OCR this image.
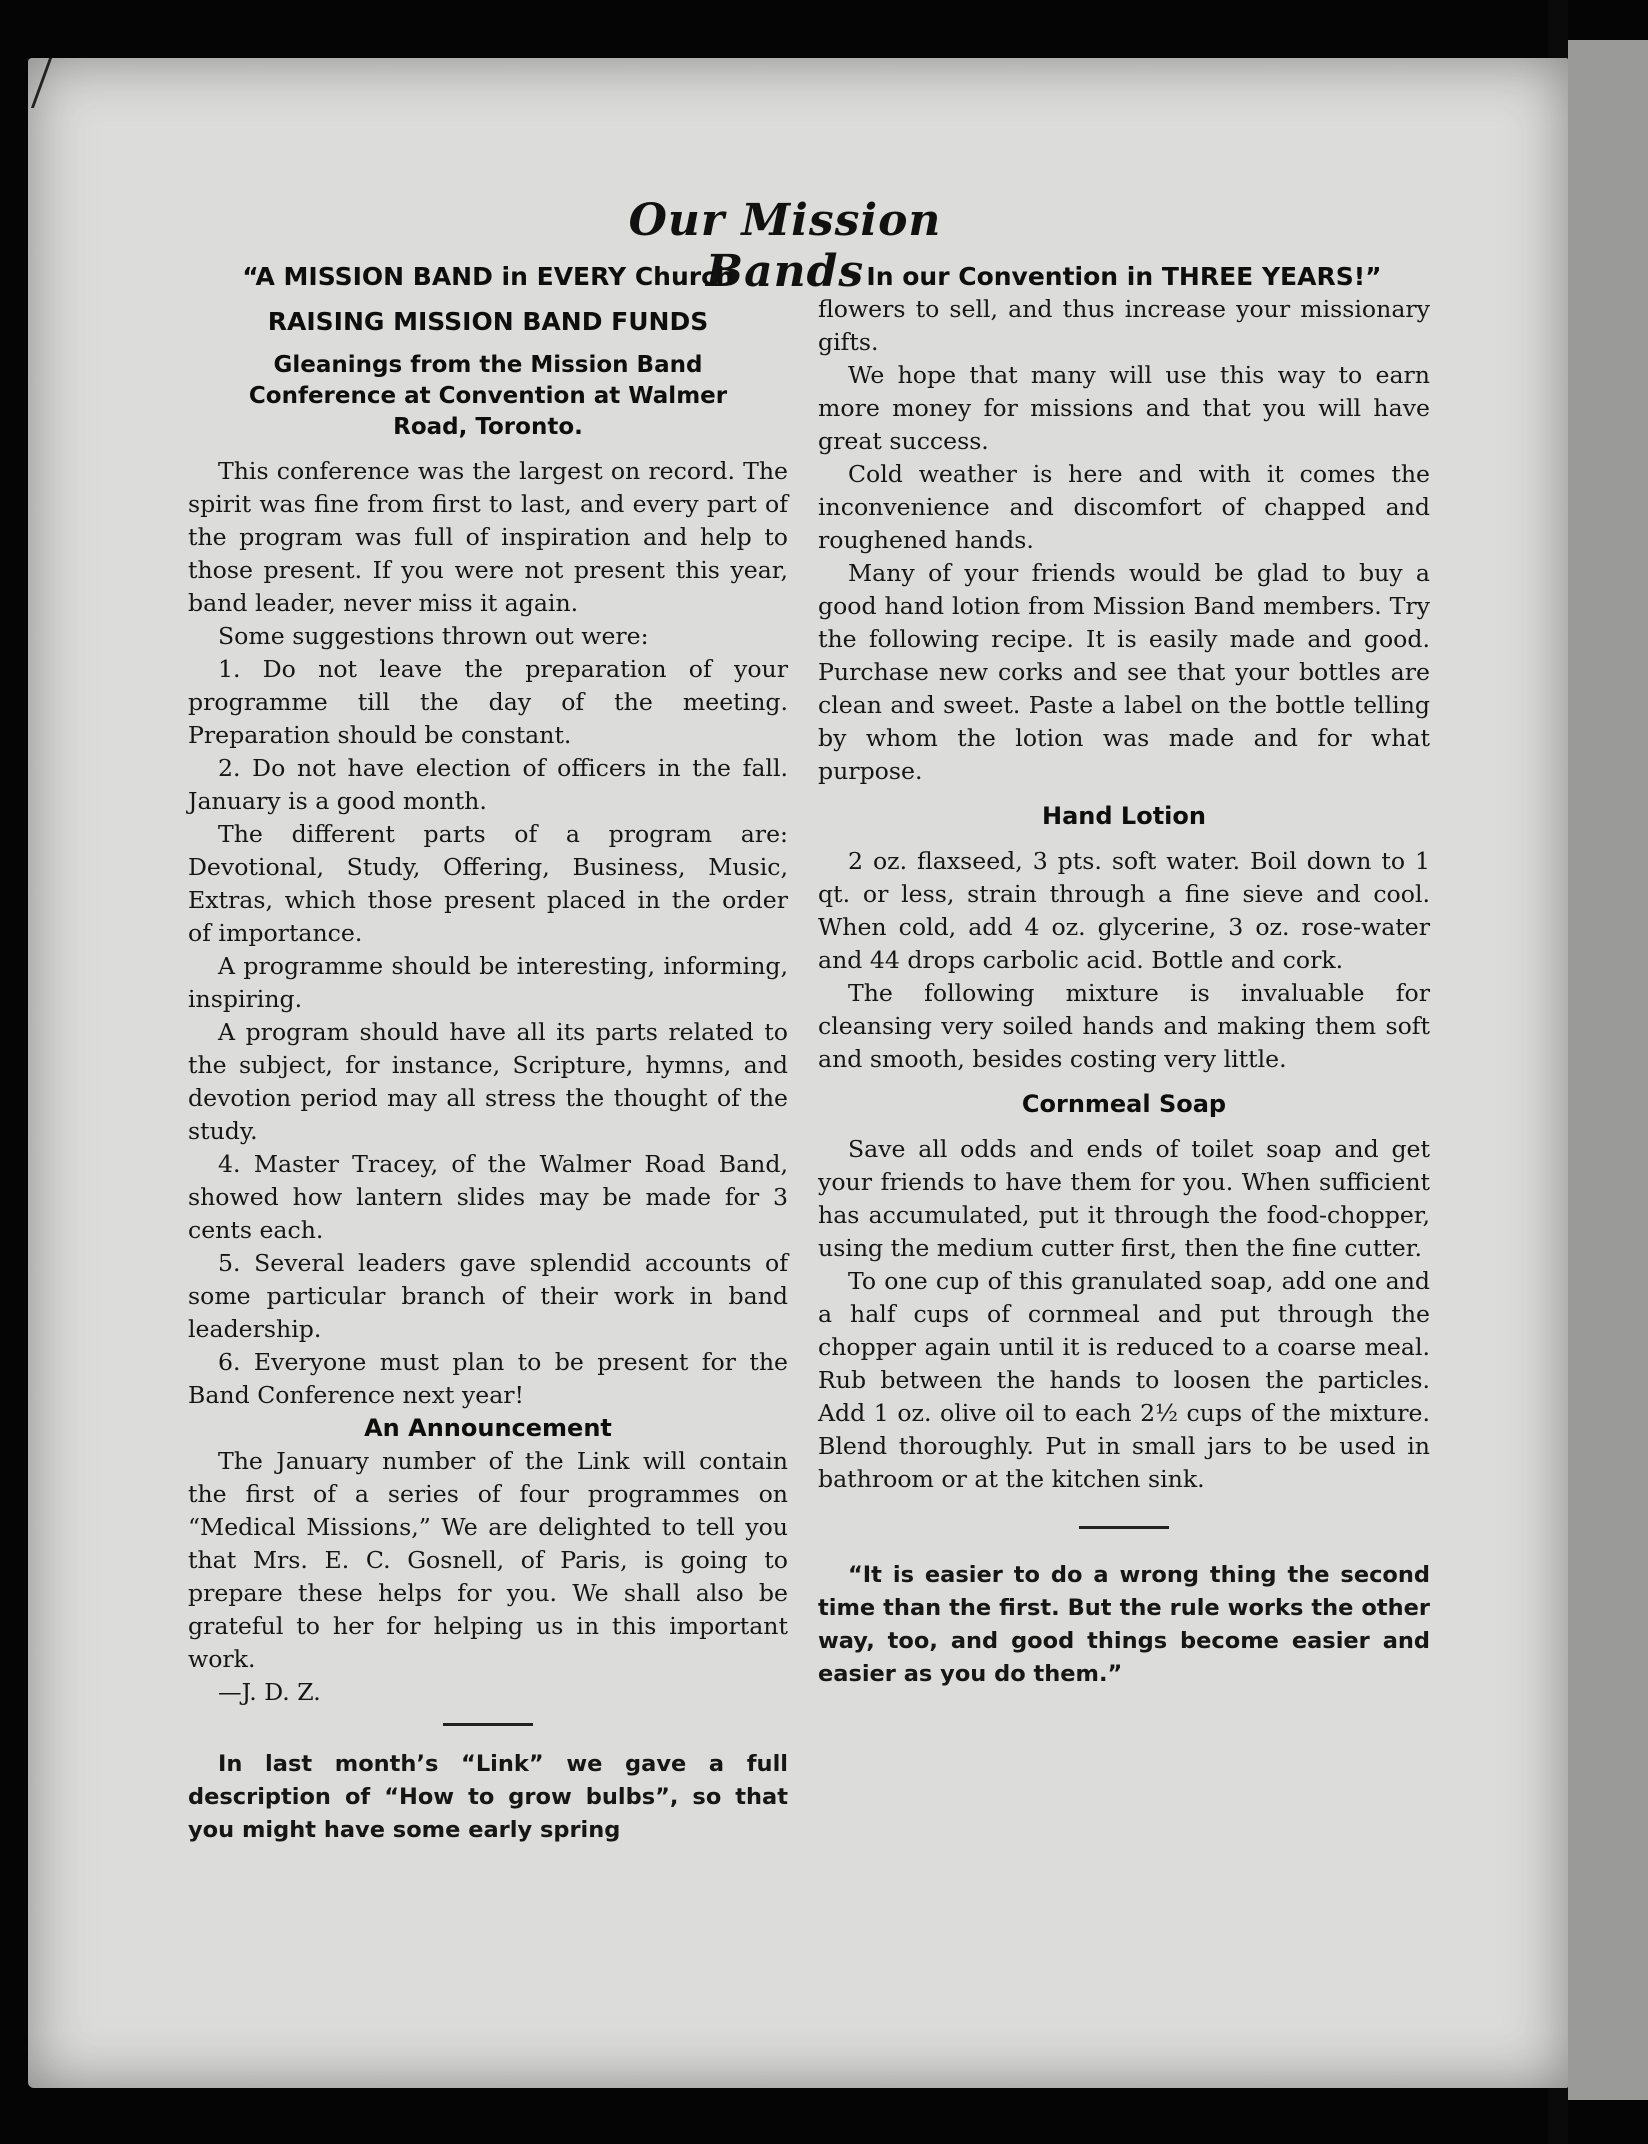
Our Mission Bands

“A MISSION BAND in EVERY Church

RAISING MISSION BAND FUNDS

Gleanings from the Mission Band Conference at Convention at Walmer Road, Toronto.

This conference was the largest on record. The spirit was fine from first to last, and every part of the program was full of inspiration and help to those present. If you were not present this year, band leader, never miss it again.

Some suggestions thrown out were:

1. Do not leave the preparation of your programme till the day of the meeting. Preparation should be constant.

2. Do not have election of officers in the fall. January is a good month.

The different parts of a program are: Devotional, Study, Offering, Business, Music, Extras, which those present placed in the order of importance.

A programme should be interesting, informing, inspiring.

A program should have all its parts related to the subject, for instance, Scripture, hymns, and devotion period may all stress the thought of the study.

4. Master Tracey, of the Walmer Road Band, showed how lantern slides may be made for 3 cents each.

5. Several leaders gave splendid accounts of some particular branch of their work in band leadership.

6. Everyone must plan to be present for the Band Conference next year!

An Announcement

The January number of the Link will contain the first of a series of four programmes on “Medical Missions,” We are delighted to tell you that Mrs. E. C. Gosnell, of Paris, is going to prepare these helps for you. We shall also be grateful to her for helping us in this important work.

—J. D. Z.

In last month’s “Link” we gave a full description of “How to grow bulbs”, so that you might have some early spring

In our Convention in THREE YEARS!”

flowers to sell, and thus increase your missionary gifts.

We hope that many will use this way to earn more money for missions and that you will have great success.

Cold weather is here and with it comes the inconvenience and discomfort of chapped and roughened hands.

Many of your friends would be glad to buy a good hand lotion from Mission Band members. Try the following recipe. It is easily made and good. Purchase new corks and see that your bottles are clean and sweet. Paste a label on the bottle telling by whom the lotion was made and for what purpose.

Hand Lotion

2 oz. flaxseed, 3 pts. soft water. Boil down to 1 qt. or less, strain through a fine sieve and cool. When cold, add 4 oz. glycerine, 3 oz. rose-water and 44 drops carbolic acid. Bottle and cork.

The following mixture is invaluable for cleansing very soiled hands and making them soft and smooth, besides costing very little.

Cornmeal Soap

Save all odds and ends of toilet soap and get your friends to have them for you. When sufficient has accumulated, put it through the food-chopper, using the medium cutter first, then the fine cutter.

To one cup of this granulated soap, add one and a half cups of cornmeal and put through the chopper again until it is reduced to a coarse meal. Rub between the hands to loosen the particles. Add 1 oz. olive oil to each 2½ cups of the mixture. Blend thoroughly. Put in small jars to be used in bathroom or at the kitchen sink.

“It is easier to do a wrong thing the second time than the first. But the rule works the other way, too, and good things become easier and easier as you do them.”
